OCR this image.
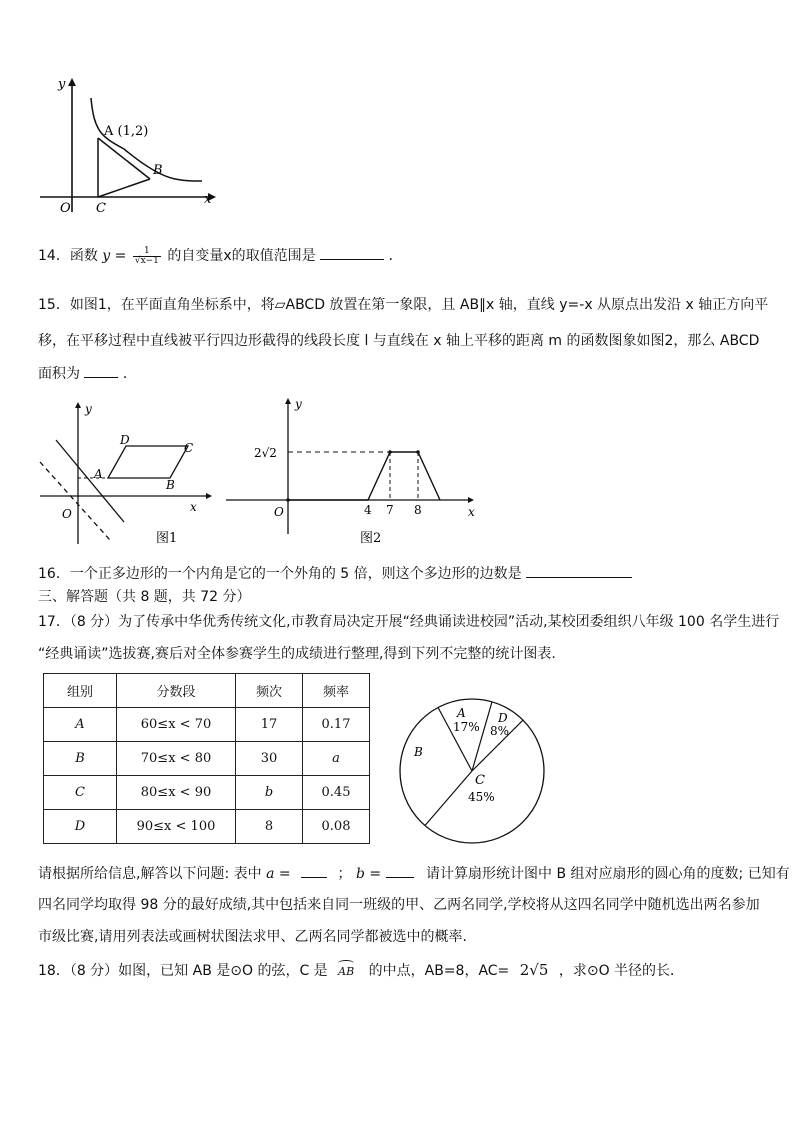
y
x
O
A (1,2)
B
C
14．函数 $y = \frac{1}{√x-1}$ 的自变量x的取值范围是	．
15．如图1，在平面直角坐标系中，将▱ABCD 放置在第一象限，且 AB∥x 轴，直线 y=-x 从原点出发沿 x 轴正方向平
移，在平移过程中直线被平行四边形截得的线段长度 l 与直线在 x 轴上平移的距离 m 的函数图象如图2，那么 ABCD
面积为	．
y
x
O
A
B
C
D
图1
y
x
O
2√2
4 7 8
图2
16．一个正多边形的一个内角是它的一个外角的 5 倍，则这个多边形的边数是
三、解答题（共 8 题，共 72 分）
17．（8 分）为了传承中华优秀传统文化,市教育局决定开展“经典诵读进校园”活动,某校团委组织八年级 100 名学生进行
“经典诵读”选拔赛,赛后对全体参赛学生的成绩进行整理,得到下列不完整的统计图表.
组别	分数段	频次	频率
A	60≤x < 70	17	0.17
B	70≤x < 80	30	a
C	80≤x < 90	b	0.45
D	90≤x < 100	8	0.08
A
17%
D
8%
B
C
45%
请根据所给信息,解答以下问题: 表中 a =	； b =	请计算扇形统计图中 B 组对应扇形的圆心角的度数; 已知有
四名同学均取得 98 分的最好成绩,其中包括来自同一班级的甲、乙两名同学,学校将从这四名同学中随机选出两名参加
市级比赛,请用列表法或画树状图法求甲、乙两名同学都被选中的概率.
18．（8 分）如图，已知 AB 是⊙O 的弦，C 是 AB 的中点，AB=8，AC= 2√5 ，求⊙O 半径的长．
